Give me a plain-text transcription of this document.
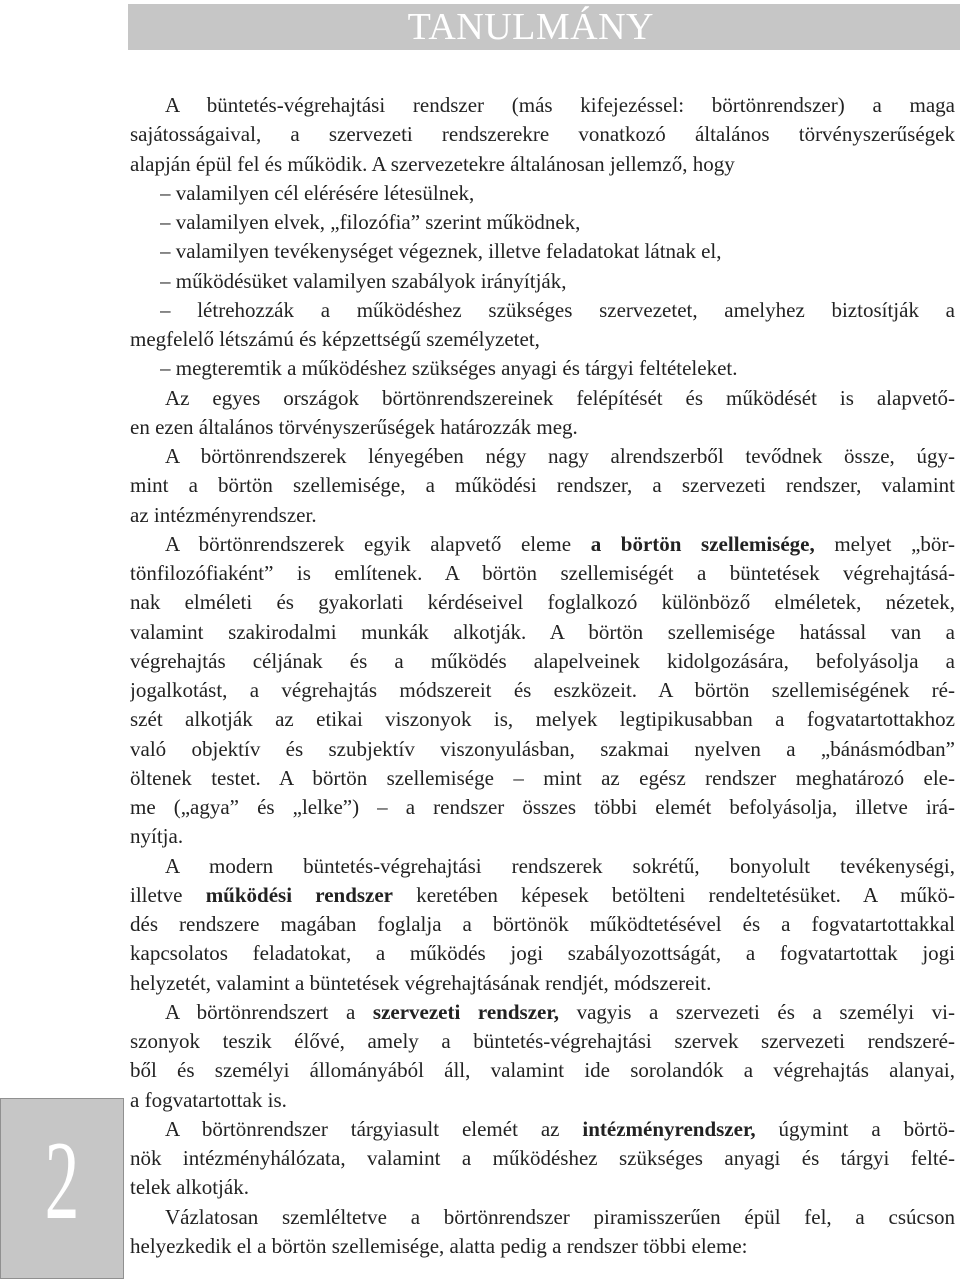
TANULMÁNY
2
A büntetés-végrehajtási rendszer (más kifejezéssel: börtönrendszer) a maga
sajátosságaival, a szervezeti rendszerekre vonatkozó általános törvényszerűségek
alapján épül fel és működik. A szervezetekre általánosan jellemző, hogy
– valamilyen cél elérésére létesülnek,
– valamilyen elvek, „filozófia” szerint működnek,
– valamilyen tevékenységet végeznek, illetve feladatokat látnak el,
– működésüket valamilyen szabályok irányítják,
– létrehozzák a működéshez szükséges szervezetet, amelyhez biztosítják a
megfelelő létszámú és képzettségű személyzetet,
– megteremtik a működéshez szükséges anyagi és tárgyi feltételeket.
Az egyes országok börtönrendszereinek felépítését és működését is alapvető-
en ezen általános törvényszerűségek határozzák meg.
A börtönrendszerek lényegében négy nagy alrendszerből tevődnek össze, úgy-
mint a börtön szellemisége, a működési rendszer, a szervezeti rendszer, valamint
az intézményrendszer.
A börtönrendszerek egyik alapvető eleme a börtön szellemisége, melyet „bör-
tönfilozófiaként” is említenek. A börtön szellemiségét a büntetések végrehajtásá-
nak elméleti és gyakorlati kérdéseivel foglalkozó különböző elméletek, nézetek,
valamint szakirodalmi munkák alkotják. A börtön szellemisége hatással van a
végrehajtás céljának és a működés alapelveinek kidolgozására, befolyásolja a
jogalkotást, a végrehajtás módszereit és eszközeit. A börtön szellemiségének ré-
szét alkotják az etikai viszonyok is, melyek legtipikusabban a fogvatartottakhoz
való objektív és szubjektív viszonyulásban, szakmai nyelven a „bánásmódban”
öltenek testet. A börtön szellemisége – mint az egész rendszer meghatározó ele-
me („agya” és „lelke”) – a rendszer összes többi elemét befolyásolja, illetve irá-
nyítja.
A modern büntetés-végrehajtási rendszerek sokrétű, bonyolult tevékenységi,
illetve működési rendszer keretében képesek betölteni rendeltetésüket. A műkö-
dés rendszere magában foglalja a börtönök működtetésével és a fogvatartottakkal
kapcsolatos feladatokat, a működés jogi szabályozottságát, a fogvatartottak jogi
helyzetét, valamint a büntetések végrehajtásának rendjét, módszereit.
A börtönrendszert a szervezeti rendszer, vagyis a szervezeti és a személyi vi-
szonyok teszik élővé, amely a büntetés-végrehajtási szervek szervezeti rendszeré-
ből és személyi állományából áll, valamint ide sorolandók a végrehajtás alanyai,
a fogvatartottak is.
A börtönrendszer tárgyiasult elemét az intézményrendszer, úgymint a börtö-
nök intézményhálózata, valamint a működéshez szükséges anyagi és tárgyi felté-
telek alkotják.
Vázlatosan szemléltetve a börtönrendszer piramisszerűen épül fel, a csúcson
helyezkedik el a börtön szellemisége, alatta pedig a rendszer többi eleme:
